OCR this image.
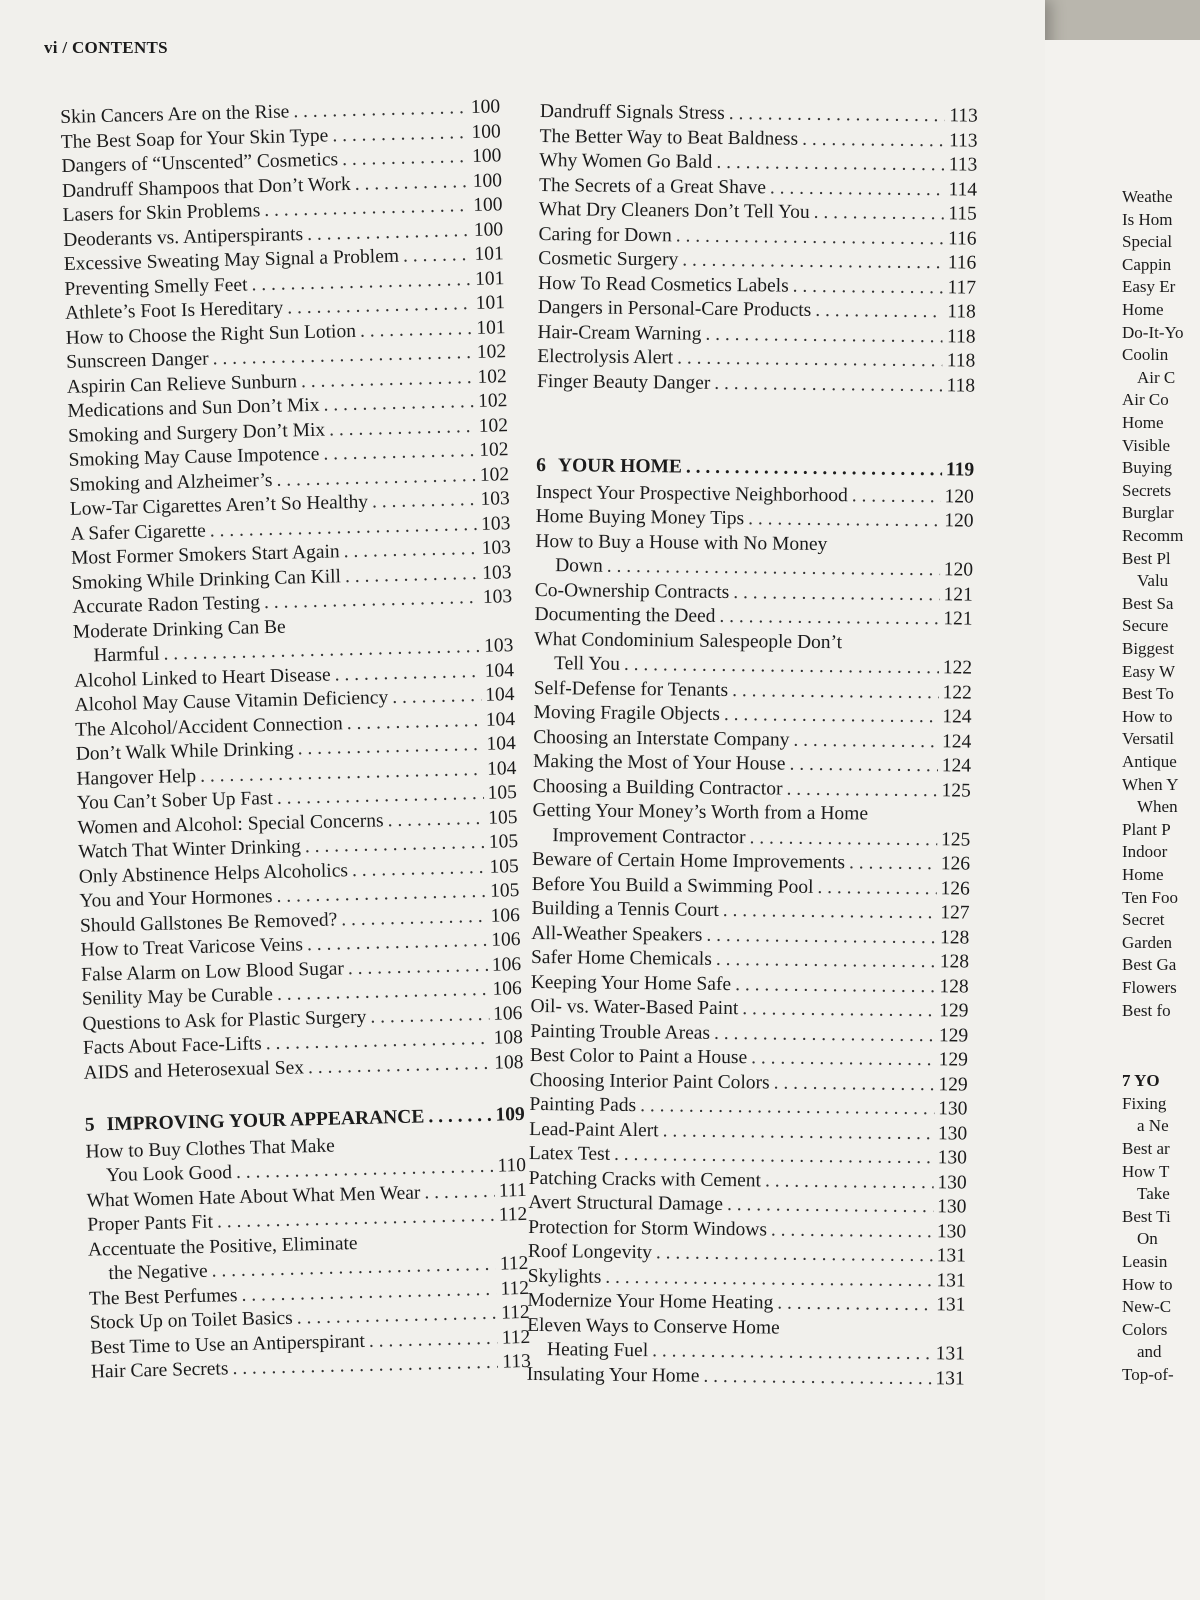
vi / CONTENTS
Skin Cancers Are on the Rise . . .	100
The Best Soap for Your Skin Type . . .	100
Dangers of “Unscented” Cosmetics . . .	100
Dandruff Shampoos that Don’t Work . . .	100
Lasers for Skin Problems . . .	100
Deoderants vs. Antiperspirants . . .	100
Excessive Sweating May Signal a Problem . . .	101
Preventing Smelly Feet . . .	101
Athlete’s Foot Is Hereditary . . .	101
How to Choose the Right Sun Lotion . . .	101
Sunscreen Danger . . .	102
Aspirin Can Relieve Sunburn . . .	102
Medications and Sun Don’t Mix . . .	102
Smoking and Surgery Don’t Mix . . .	102
Smoking May Cause Impotence . . .	102
Smoking and Alzheimer’s . . .	102
Low-Tar Cigarettes Aren’t So Healthy . . .	103
A Safer Cigarette . . .	103
Most Former Smokers Start Again . . .	103
Smoking While Drinking Can Kill . . .	103
Accurate Radon Testing . . .	103
Moderate Drinking Can Be
Harmful . . .	103
Alcohol Linked to Heart Disease . . .	104
Alcohol May Cause Vitamin Deficiency . . .	104
The Alcohol/Accident Connection . . .	104
Don’t Walk While Drinking . . .	104
Hangover Help . . .	104
You Can’t Sober Up Fast . . .	105
Women and Alcohol: Special Concerns . . .	105
Watch That Winter Drinking . . .	105
Only Abstinence Helps Alcoholics . . .	105
You and Your Hormones . . .	105
Should Gallstones Be Removed? . . .	106
How to Treat Varicose Veins . . .	106
False Alarm on Low Blood Sugar . . .	106
Senility May be Curable . . .	106
Questions to Ask for Plastic Surgery . . .	106
Facts About Face-Lifts . . .	108
AIDS and Heterosexual Sex . . .	108
5 IMPROVING YOUR APPEARANCE . . .	109
How to Buy Clothes That Make
You Look Good . . .	110
What Women Hate About What Men Wear . . .	111
Proper Pants Fit . . .	112
Accentuate the Positive, Eliminate
the Negative . . .	112
The Best Perfumes . . .	112
Stock Up on Toilet Basics . . .	112
Best Time to Use an Antiperspirant . . .	112
Hair Care Secrets . . .	113
Dandruff Signals Stress . . .	113
The Better Way to Beat Baldness . . .	113
Why Women Go Bald . . .	113
The Secrets of a Great Shave . . .	114
What Dry Cleaners Don’t Tell You . . .	115
Caring for Down . . .	116
Cosmetic Surgery . . .	116
How To Read Cosmetics Labels . . .	117
Dangers in Personal-Care Products . . .	118
Hair-Cream Warning . . .	118
Electrolysis Alert . . .	118
Finger Beauty Danger . . .	118
6 YOUR HOME . . .	119
Inspect Your Prospective Neighborhood . . .	120
Home Buying Money Tips . . .	120
How to Buy a House with No Money
Down . . .	120
Co-Ownership Contracts . . .	121
Documenting the Deed . . .	121
What Condominium Salespeople Don’t
Tell You . . .	122
Self-Defense for Tenants . . .	122
Moving Fragile Objects . . .	124
Choosing an Interstate Company . . .	124
Making the Most of Your House . . .	124
Choosing a Building Contractor . . .	125
Getting Your Money’s Worth from a Home
Improvement Contractor . . .	125
Beware of Certain Home Improvements . . .	126
Before You Build a Swimming Pool . . .	126
Building a Tennis Court . . .	127
All-Weather Speakers . . .	128
Safer Home Chemicals . . .	128
Keeping Your Home Safe . . .	128
Oil- vs. Water-Based Paint . . .	129
Painting Trouble Areas . . .	129
Best Color to Paint a House . . .	129
Choosing Interior Paint Colors . . .	129
Painting Pads . . .	130
Lead-Paint Alert . . .	130
Latex Test . . .	130
Patching Cracks with Cement . . .	130
Avert Structural Damage . . .	130
Protection for Storm Windows . . .	130
Roof Longevity . . .	131
Skylights . . .	131
Modernize Your Home Heating . . .	131
Eleven Ways to Conserve Home
Heating Fuel . . .	131
Insulating Your Home . . .	131
Weathe
Is Hom
Special
Cappin
Easy Er
Home
Do-It-Yo
Coolin
Air C
Air Co
Home
Visible
Buying
Secrets
Burglar
Recomm
Best Pl
Valu
Best Sa
Secure
Biggest
Easy W
Best To
How to
Versatil
Antique
When Y
When
Plant P
Indoor
Home
Ten Foo
Secret
Garden
Best Ga
Flowers
Best fo
7 YO
Fixing
a Ne
Best ar
How T
Take
Best Ti
On
Leasin
How to
New-C
Colors
and
Top-of-
